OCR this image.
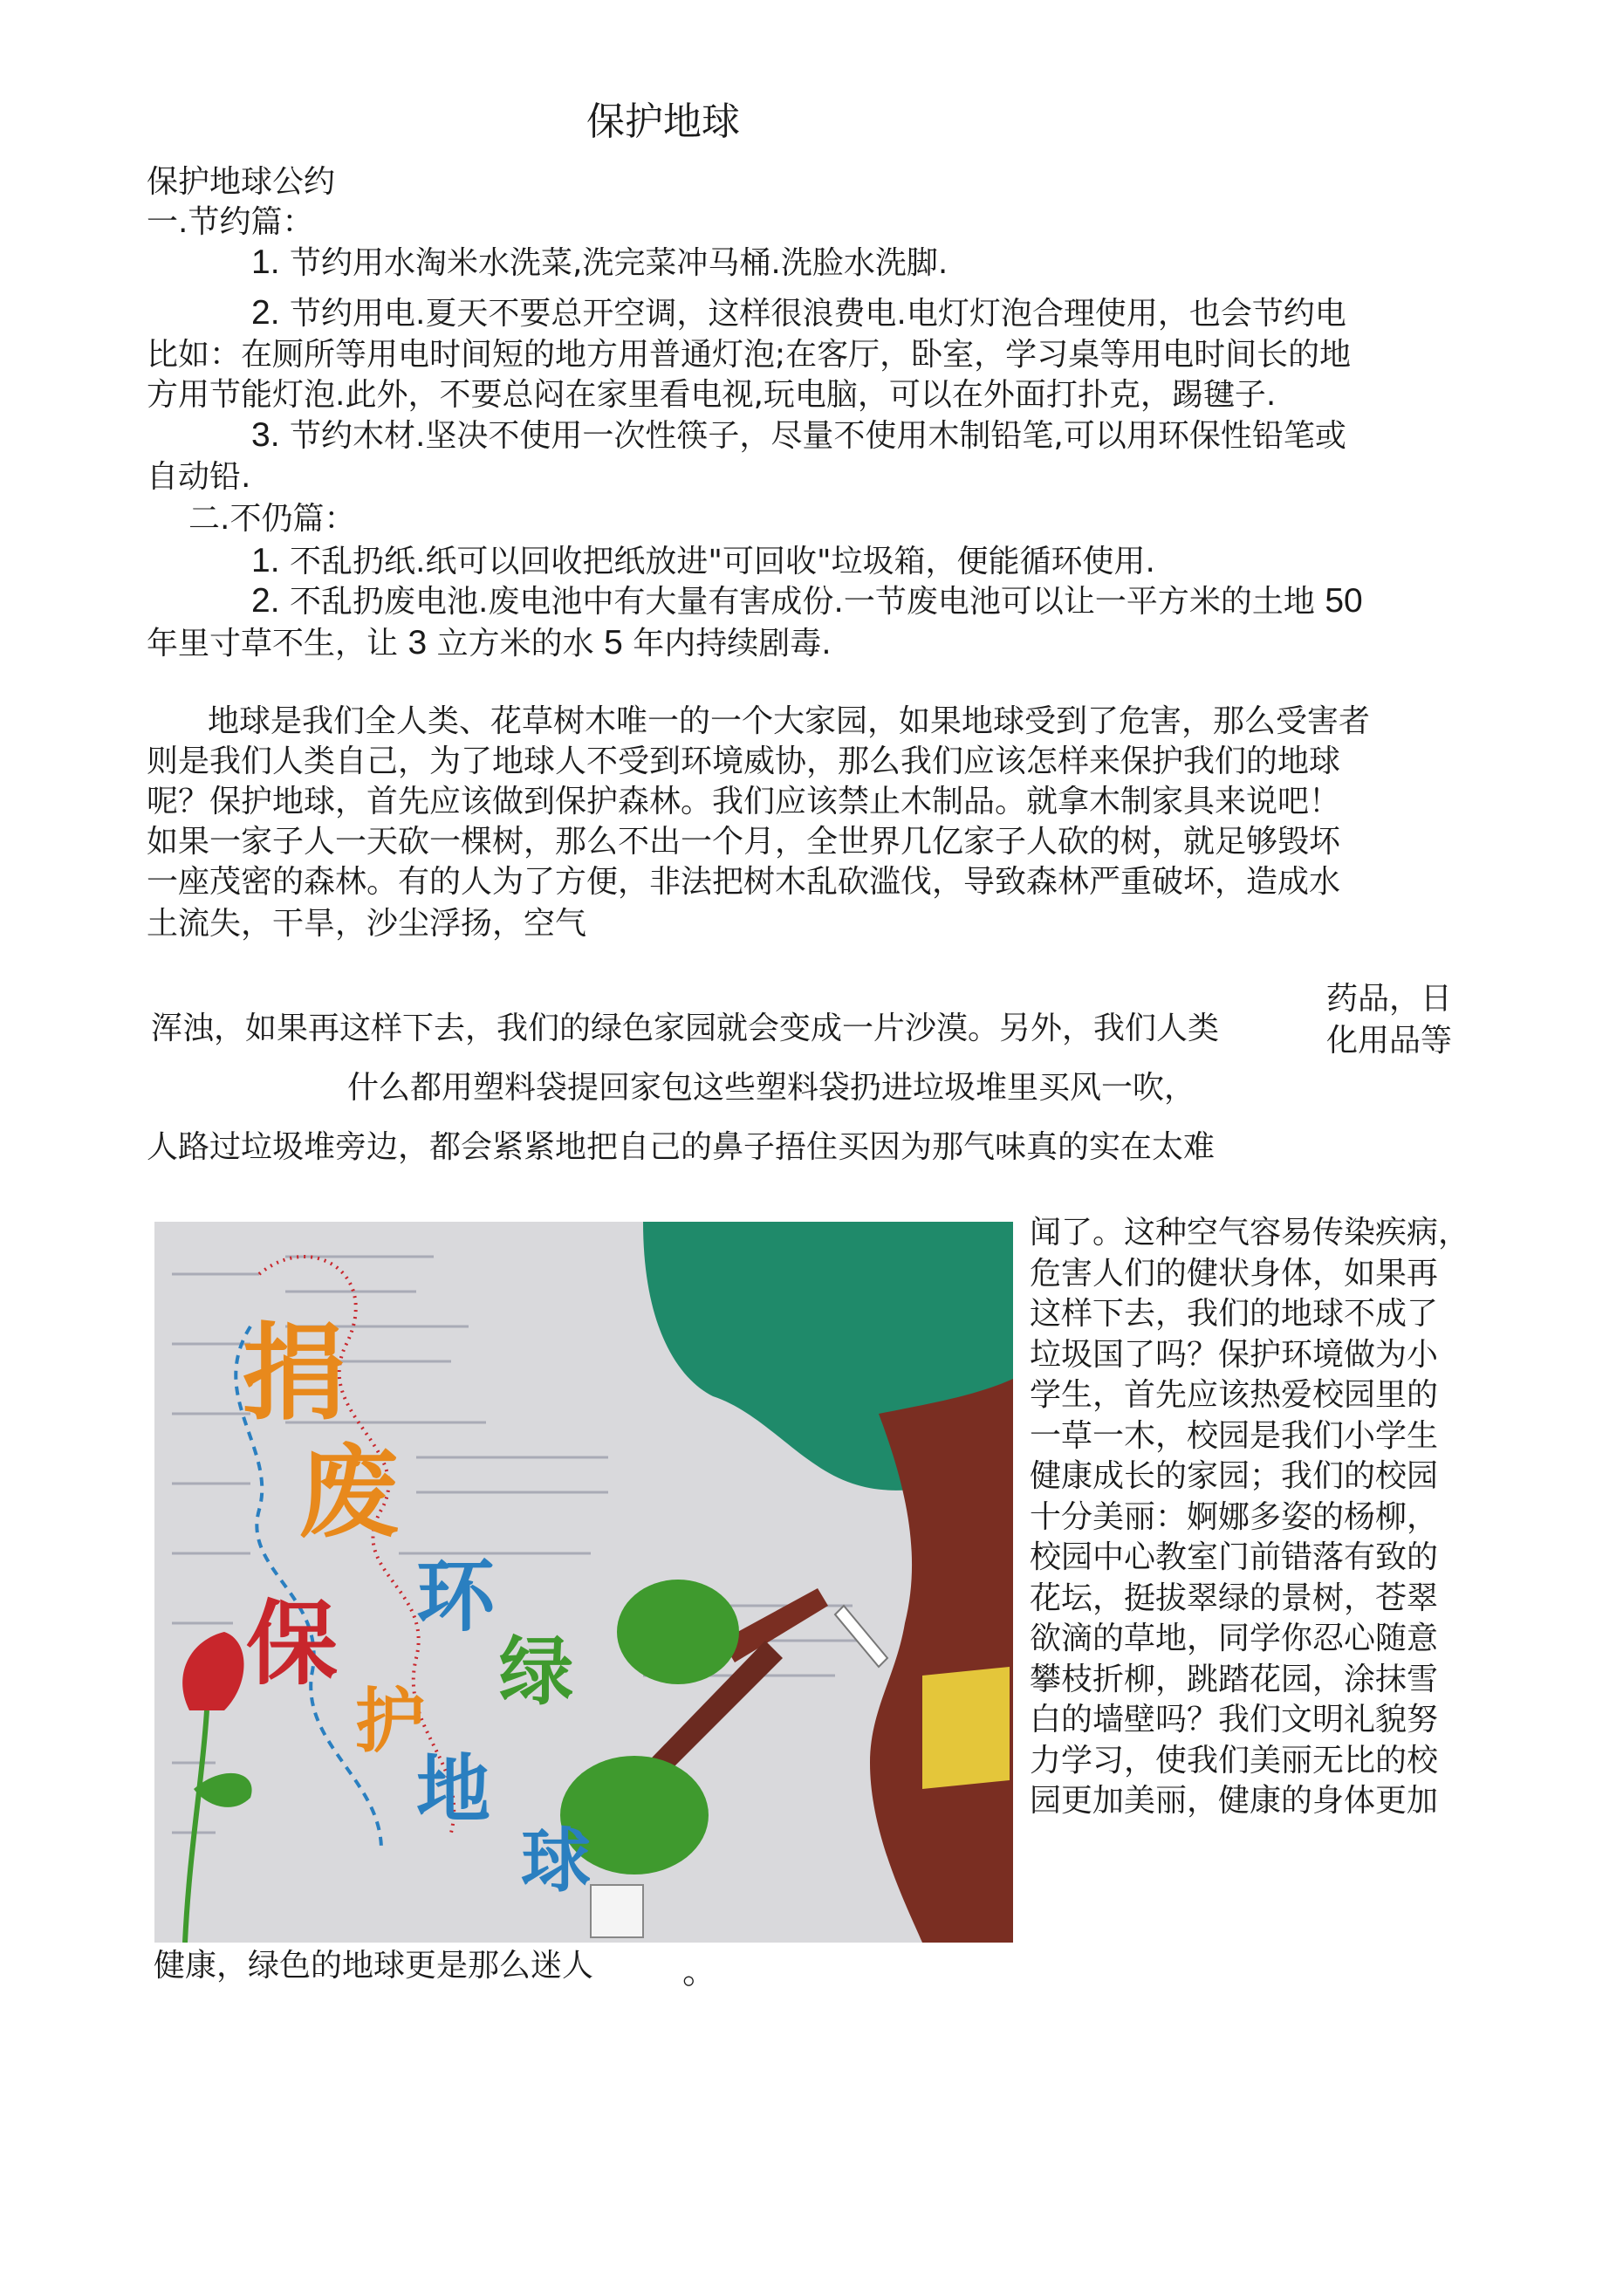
保护地球
保护地球公约
一.节约篇：
1. 节约用水淘米水洗菜,洗完菜冲马桶.洗脸水洗脚.
2. 节约用电.夏天不要总开空调，这样很浪费电.电灯灯泡合理使用，也会节约电
比如：在厕所等用电时间短的地方用普通灯泡;在客厅，卧室，学习桌等用电时间长的地
方用节能灯泡.此外，不要总闷在家里看电视,玩电脑，可以在外面打扑克，踢毽子.
3. 节约木材.坚决不使用一次性筷子，尽量不使用木制铅笔,可以用环保性铅笔或
自动铅.
二.不仍篇：
1. 不乱扔纸.纸可以回收把纸放进"可回收"垃圾箱，便能循环使用.
2. 不乱扔废电池.废电池中有大量有害成份.一节废电池可以让一平方米的土地 50
年里寸草不生，让 3 立方米的水 5 年内持续剧毒.
地球是我们全人类、花草树木唯一的一个大家园，如果地球受到了危害，那么受害者
则是我们人类自己，为了地球人不受到环境威协，那么我们应该怎样来保护我们的地球
呢？保护地球，首先应该做到保护森林。我们应该禁止木制品。就拿木制家具来说吧！
如果一家子人一天砍一棵树，那么不出一个月，全世界几亿家子人砍的树，就足够毁坏
一座茂密的森林。有的人为了方便，非法把树木乱砍滥伐，导致森林严重破坏，造成水
土流失，干旱，沙尘浮扬，空气
浑浊，如果再这样下去，我们的绿色家园就会变成一片沙漠。另外，我们人类
药品，日
化用品等
什么都用塑料袋提回家包这些塑料袋扔进垃圾堆里买风一吹，
人路过垃圾堆旁边，都会紧紧地把自己的鼻子捂住买因为那气味真的实在太难
捐
废
保
护
环
绿
地
球
闻了。这种空气容易传染疾病，
危害人们的健状身体，如果再
这样下去，我们的地球不成了
垃圾国了吗？保护环境做为小
学生，首先应该热爱校园里的
一草一木，校园是我们小学生
健康成长的家园；我们的校园
十分美丽：婀娜多姿的杨柳，
校园中心教室门前错落有致的
花坛，挺拔翠绿的景树，苍翠
欲滴的草地，同学你忍心随意
攀枝折柳，跳踏花园，涂抹雪
白的墙壁吗？我们文明礼貌努
力学习，使我们美丽无比的校
园更加美丽，健康的身体更加
健康，绿色的地球更是那么迷人	。
